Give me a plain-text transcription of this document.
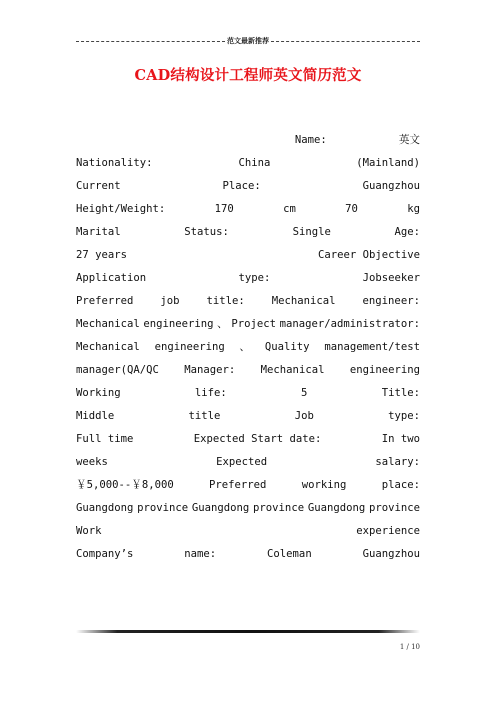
范文最新推荐
CAD结构设计工程师英文简历范文
Name:	英文
Nationality:	China	(Mainland)
Current	Place:	Guangzhou
Height/Weight:	170	cm	70	kg
Marital	Status:	Single	Age:
27 years	Career Objective
Application	type:	Jobseeker
Preferred	job	title:	Mechanical	engineer:
Mechanical engineering 、 Project manager/administrator:
Mechanical engineering 、 Quality management/test
manager(QA/QC Manager: Mechanical engineering
Working	life:	5	Title:
Middle	title	Job	type:
Full time	Expected Start date:	In two
weeks	Expected	salary:
￥5,000--￥8,000	Preferred	working	place:
Guangdong province Guangdong province Guangdong province
Work	experience
Company’s	name:	Coleman	Guangzhou
1 / 10
